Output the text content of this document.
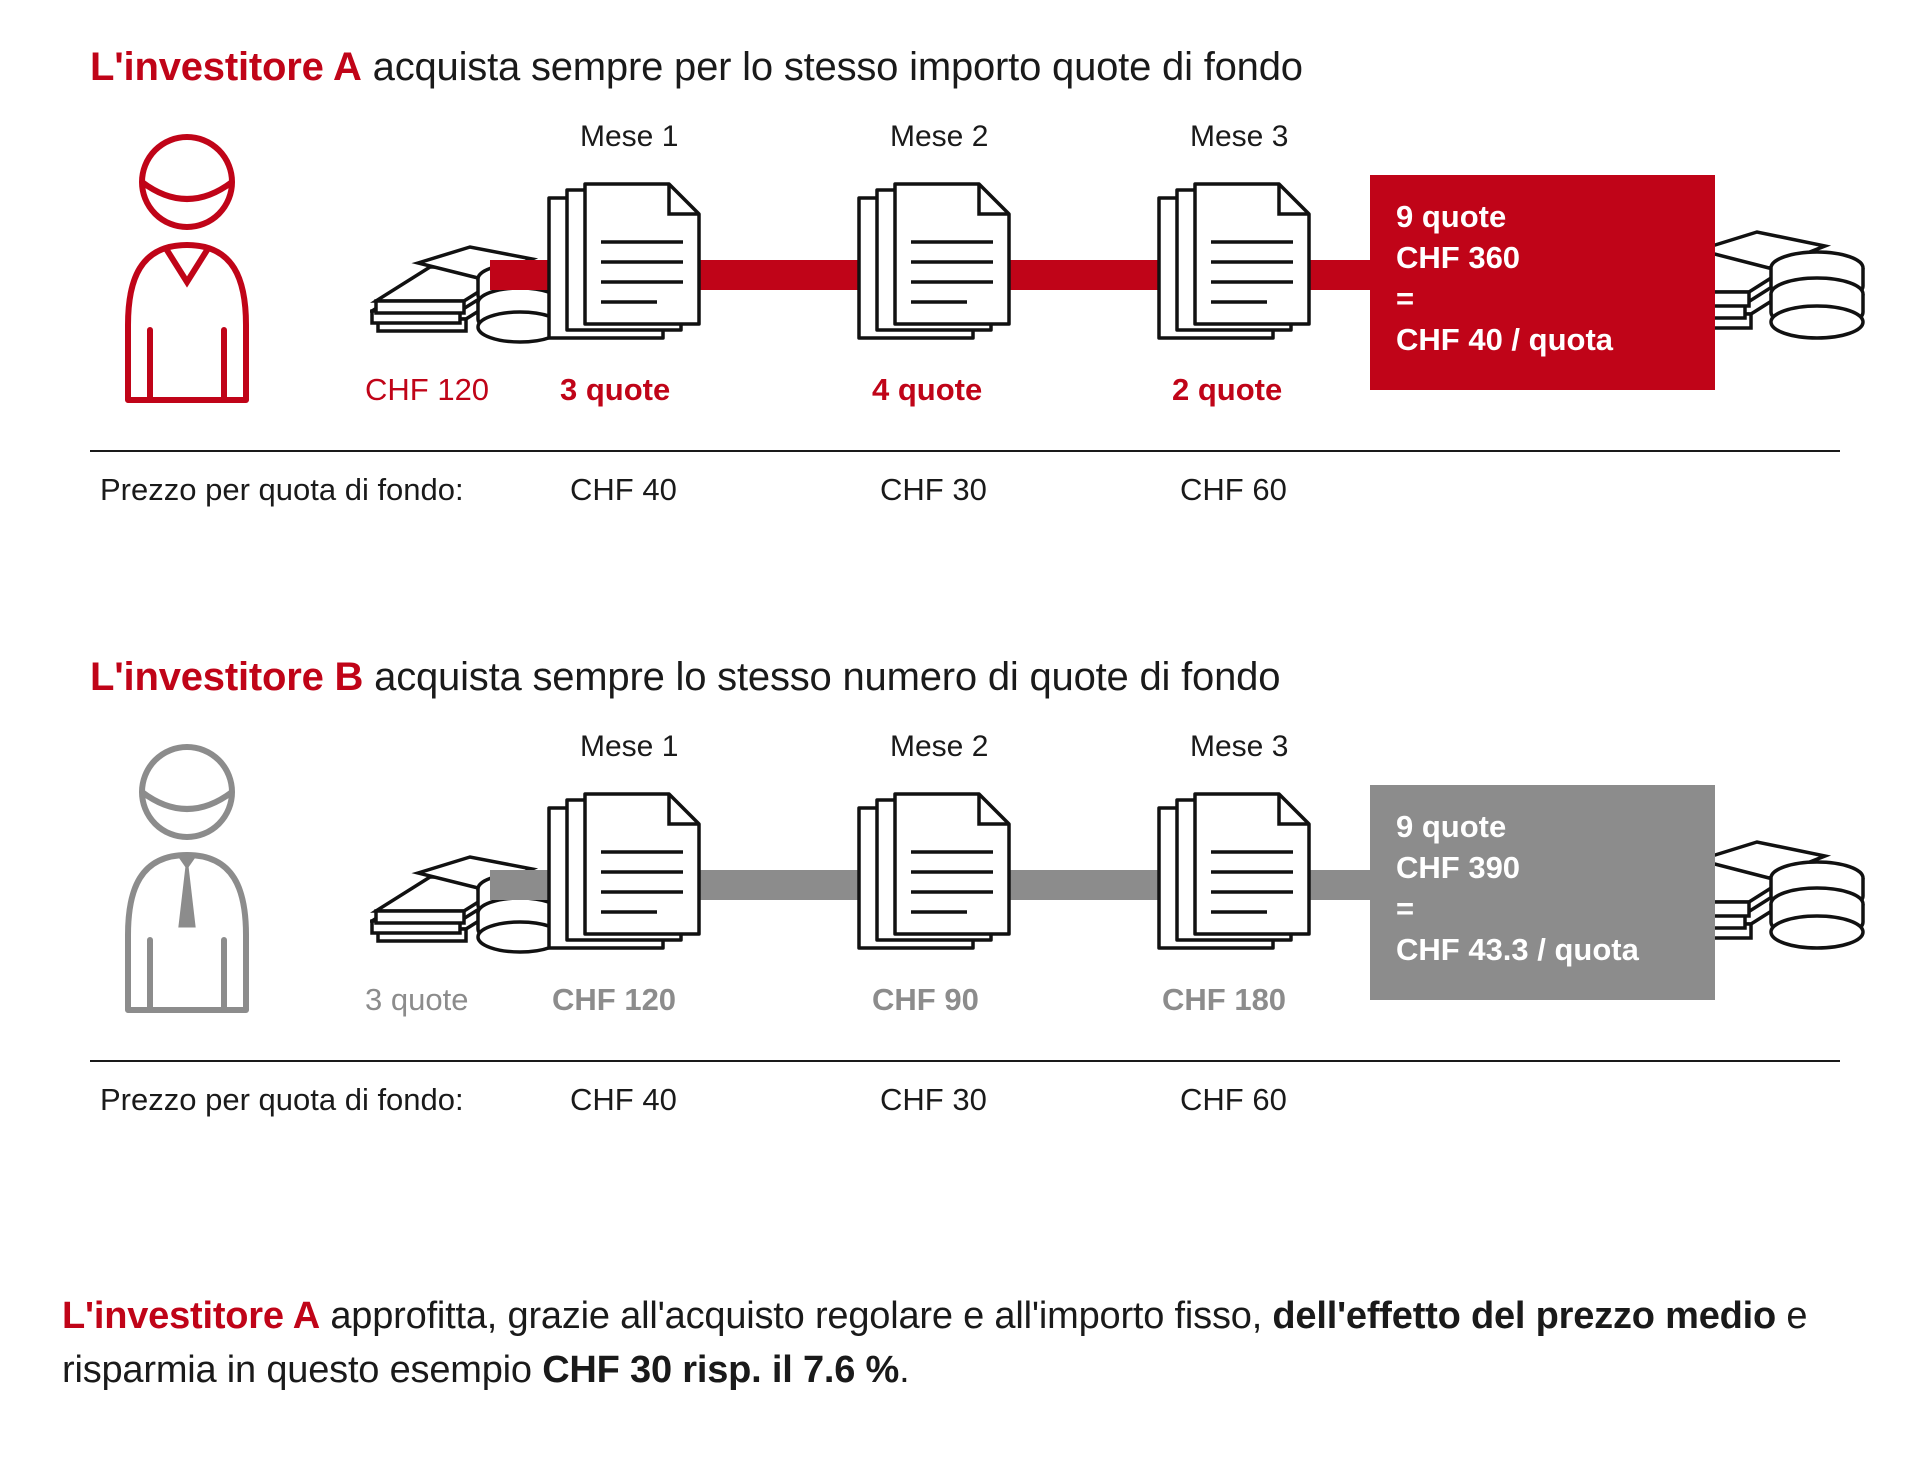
L'investitore A acquista sempre per lo stesso importo quote di fondo
CHF 120
Mese 1
3 quote
Mese 2
4 quote
Mese 3
2 quote
9 quote
CHF 360
=
CHF 40 / quota
Prezzo per quota di fondo:	CHF 40	CHF 30	CHF 60
L'investitore B acquista sempre lo stesso numero di quote di fondo
3 quote
Mese 1
CHF 120
Mese 2
CHF 90
Mese 3
CHF 180
9 quote
CHF 390
=
CHF 43.3 / quota
Prezzo per quota di fondo:	CHF 40	CHF 30	CHF 60
L'investitore A approfitta, grazie all'acquisto regolare e all'importo fisso, dell'effetto del prezzo medio e risparmia in questo esempio CHF 30 risp. il 7.6 %.
